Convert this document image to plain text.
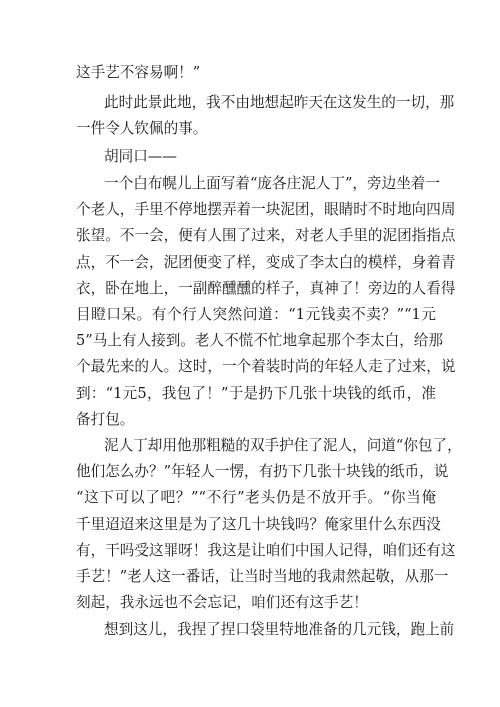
这手艺不容易啊！”
此时此景此地，我不由地想起昨天在这发生的一切，那
一件令人钦佩的事。
胡同口——
一个白布幌儿上面写着“庞各庄泥人丁”，旁边坐着一
个老人，手里不停地摆弄着一块泥团，眼睛时不时地向四周
张望。不一会，便有人围了过来，对老人手里的泥团指指点
点，不一会，泥团便变了样，变成了李太白的模样，身着青
衣，卧在地上，一副醉醺醺的样子，真神了！旁边的人看得
目瞪口呆。有个行人突然问道：“1元钱卖不卖？”“1元
5”马上有人接到。老人不慌不忙地拿起那个李太白，给那
个最先来的人。这时，一个着装时尚的年轻人走了过来，说
到：“1元5，我包了！”于是扔下几张十块钱的纸币，准
备打包。
泥人丁却用他那粗糙的双手护住了泥人，问道“你包了，
他们怎么办？”年轻人一愣，有扔下几张十块钱的纸币，说
“这下可以了吧？”“不行”老头仍是不放开手。“你当俺
千里迢迢来这里是为了这几十块钱吗？俺家里什么东西没
有，干吗受这罪呀！我这是让咱们中国人记得，咱们还有这
手艺！”老人这一番话，让当时当地的我肃然起敬，从那一
刻起，我永远也不会忘记，咱们还有这手艺！
想到这儿，我捏了捏口袋里特地准备的几元钱，跑上前
